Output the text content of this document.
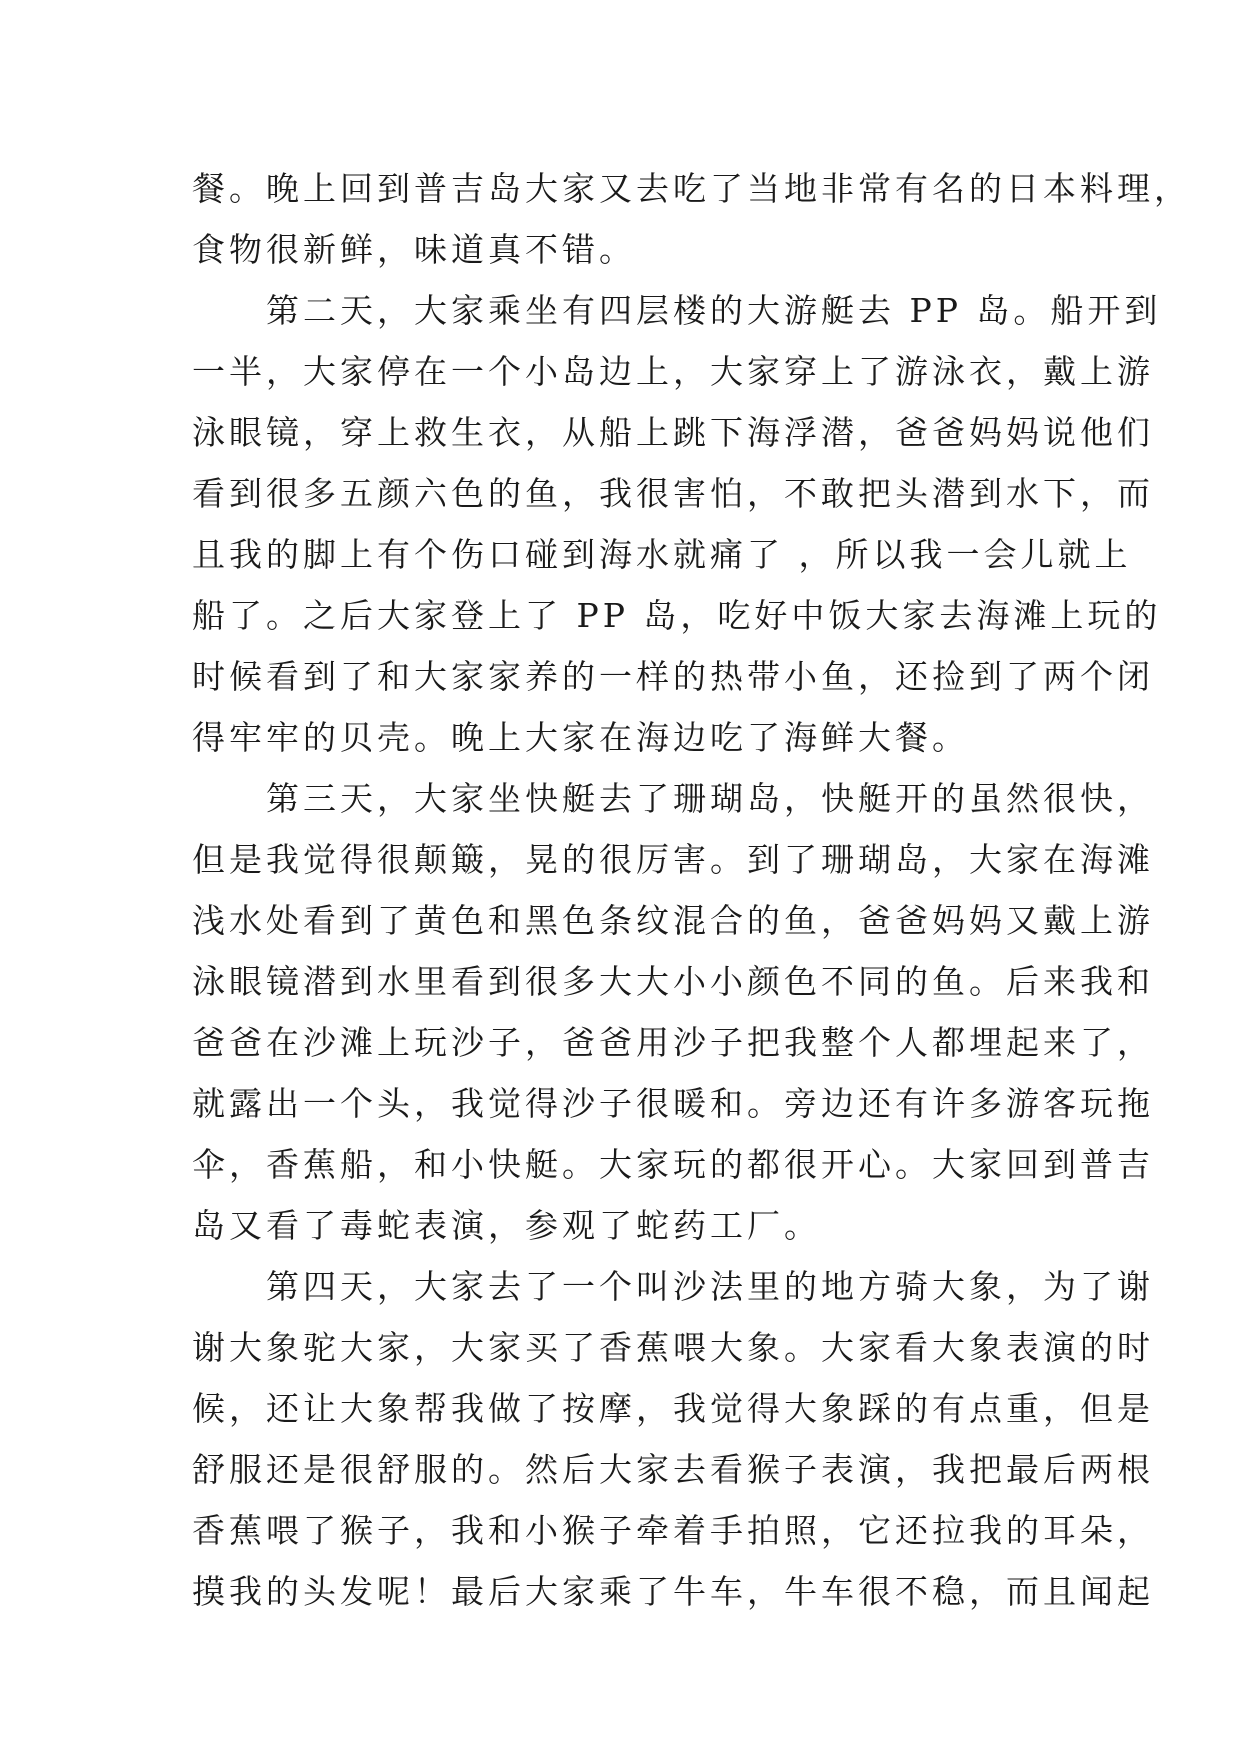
餐。晚上回到普吉岛大家又去吃了当地非常有名的日本料理，
食物很新鲜，味道真不错。
　　第二天，大家乘坐有四层楼的大游艇去 PP 岛。船开到
一半，大家停在一个小岛边上，大家穿上了游泳衣，戴上游
泳眼镜，穿上救生衣，从船上跳下海浮潜，爸爸妈妈说他们
看到很多五颜六色的鱼，我很害怕，不敢把头潜到水下，而
且我的脚上有个伤口碰到海水就痛了 ，所以我一会儿就上
船了。之后大家登上了 PP 岛，吃好中饭大家去海滩上玩的
时候看到了和大家家养的一样的热带小鱼，还捡到了两个闭
得牢牢的贝壳。晚上大家在海边吃了海鲜大餐。
　　第三天，大家坐快艇去了珊瑚岛，快艇开的虽然很快，
但是我觉得很颠簸，晃的很厉害。到了珊瑚岛，大家在海滩
浅水处看到了黄色和黑色条纹混合的鱼，爸爸妈妈又戴上游
泳眼镜潜到水里看到很多大大小小颜色不同的鱼。后来我和
爸爸在沙滩上玩沙子，爸爸用沙子把我整个人都埋起来了，
就露出一个头，我觉得沙子很暖和。旁边还有许多游客玩拖
伞，香蕉船，和小快艇。大家玩的都很开心。大家回到普吉
岛又看了毒蛇表演，参观了蛇药工厂。
　　第四天，大家去了一个叫沙法里的地方骑大象，为了谢
谢大象驼大家，大家买了香蕉喂大象。大家看大象表演的时
候，还让大象帮我做了按摩，我觉得大象踩的有点重，但是
舒服还是很舒服的。然后大家去看猴子表演，我把最后两根
香蕉喂了猴子，我和小猴子牵着手拍照，它还拉我的耳朵，
摸我的头发呢！最后大家乘了牛车，牛车很不稳，而且闻起
